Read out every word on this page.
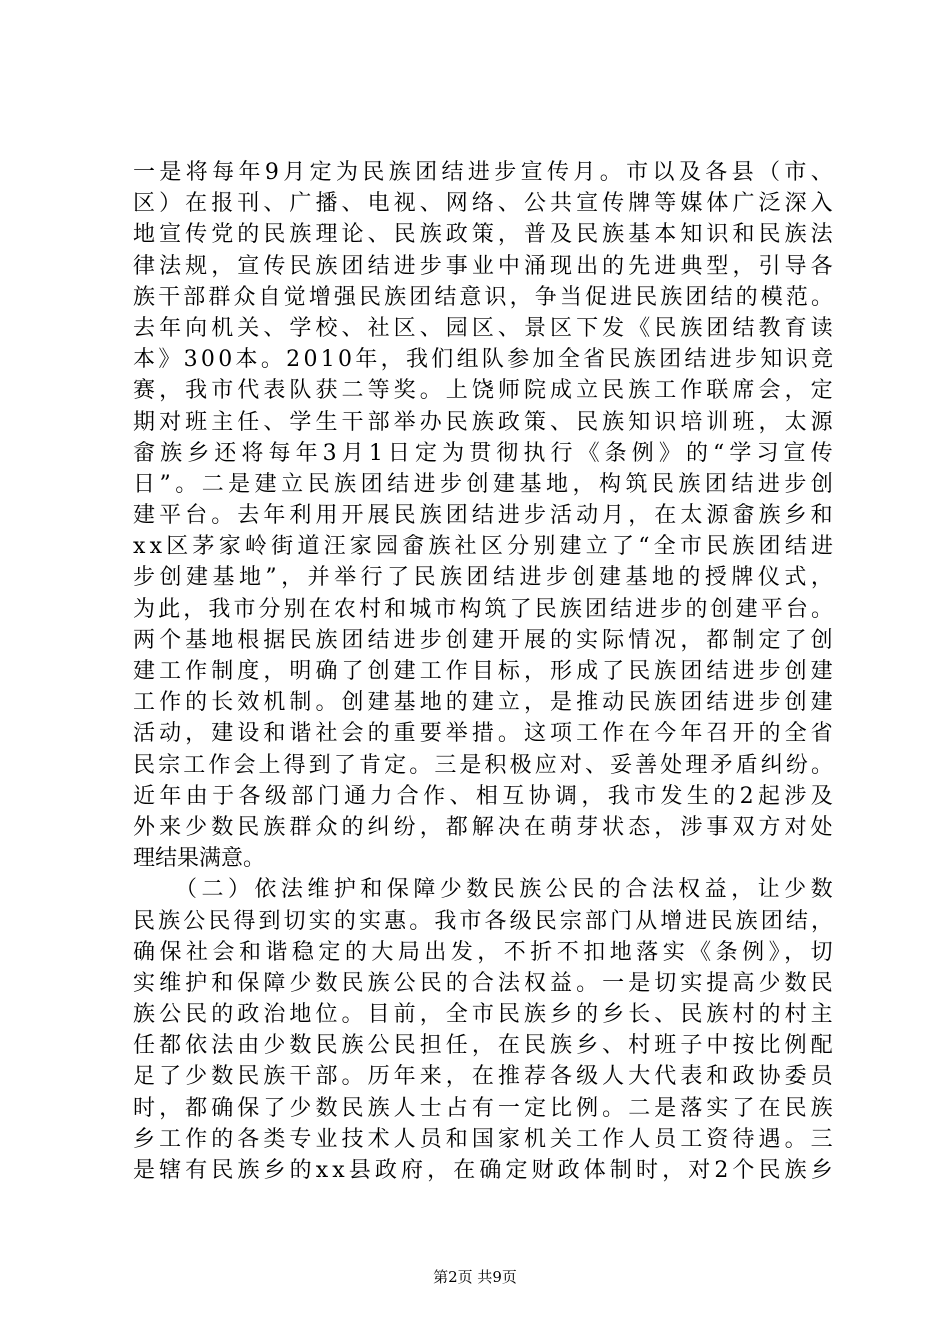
一 是 将 每 年 9 月 定 为 民 族 团 结 进 步 宣 传 月 。 市 以 及 各 县 （ 市 、
区 ） 在 报 刊 、 广 播 、 电 视 、 网 络 、 公 共 宣 传 牌 等 媒 体 广 泛 深 入
地 宣 传 党 的 民 族 理 论 、 民 族 政 策 ， 普 及 民 族 基 本 知 识 和 民 族 法
律 法 规 ， 宣 传 民 族 团 结 进 步 事 业 中 涌 现 出 的 先 进 典 型 ， 引 导 各
族 干 部 群 众 自 觉 增 强 民 族 团 结 意 识 ， 争 当 促 进 民 族 团 结 的 模 范 。
去 年 向 机 关 、 学 校 、 社 区 、 园 区 、 景 区 下 发 《 民 族 团 结 教 育 读
本 》 3 0 0 本 。 2 0 1 0 年 ， 我 们 组 队 参 加 全 省 民 族 团 结 进 步 知 识 竞
赛 ， 我 市 代 表 队 获 二 等 奖 。 上 饶 师 院 成 立 民 族 工 作 联 席 会 ， 定
期 对 班 主 任 、 学 生 干 部 举 办 民 族 政 策 、 民 族 知 识 培 训 班 ， 太 源
畲 族 乡 还 将 每 年 3 月 1 日 定 为 贯 彻 执 行 《 条 例 》 的 “ 学 习 宣 传
日 ” 。 二 是 建 立 民 族 团 结 进 步 创 建 基 地 ， 构 筑 民 族 团 结 进 步 创
建 平 台 。 去 年 利 用 开 展 民 族 团 结 进 步 活 动 月 ， 在 太 源 畲 族 乡 和
x x 区 茅 家 岭 街 道 汪 家 园 畲 族 社 区 分 别 建 立 了 “ 全 市 民 族 团 结 进
步 创 建 基 地 ” ， 并 举 行 了 民 族 团 结 进 步 创 建 基 地 的 授 牌 仪 式 ，
为 此 ， 我 市 分 别 在 农 村 和 城 市 构 筑 了 民 族 团 结 进 步 的 创 建 平 台 。
两 个 基 地 根 据 民 族 团 结 进 步 创 建 开 展 的 实 际 情 况 ， 都 制 定 了 创
建 工 作 制 度 ， 明 确 了 创 建 工 作 目 标 ， 形 成 了 民 族 团 结 进 步 创 建
工 作 的 长 效 机 制 。 创 建 基 地 的 建 立 ， 是 推 动 民 族 团 结 进 步 创 建
活 动 ， 建 设 和 谐 社 会 的 重 要 举 措 。 这 项 工 作 在 今 年 召 开 的 全 省
民 宗 工 作 会 上 得 到 了 肯 定 。 三 是 积 极 应 对 、 妥 善 处 理 矛 盾 纠 纷 。
近 年 由 于 各 级 部 门 通 力 合 作 、 相 互 协 调 ， 我 市 发 生 的 2 起 涉 及
外 来 少 数 民 族 群 众 的 纠 纷 ， 都 解 决 在 萌 芽 状 态 ， 涉 事 双 方 对 处
理结果满意。
　　（ 二 ） 依 法 维 护 和 保 障 少 数 民 族 公 民 的 合 法 权 益 ， 让 少 数
民 族 公 民 得 到 切 实 的 实 惠 。 我 市 各 级 民 宗 部 门 从 增 进 民 族 团 结 ，
确 保 社 会 和 谐 稳 定 的 大 局 出 发 ， 不 折 不 扣 地 落 实 《 条 例 》 ， 切
实 维 护 和 保 障 少 数 民 族 公 民 的 合 法 权 益 。 一 是 切 实 提 高 少 数 民
族 公 民 的 政 治 地 位 。 目 前 ， 全 市 民 族 乡 的 乡 长 、 民 族 村 的 村 主
任 都 依 法 由 少 数 民 族 公 民 担 任 ， 在 民 族 乡 、 村 班 子 中 按 比 例 配
足 了 少 数 民 族 干 部 。 历 年 来 ， 在 推 荐 各 级 人 大 代 表 和 政 协 委 员
时 ， 都 确 保 了 少 数 民 族 人 士 占 有 一 定 比 例 。 二 是 落 实 了 在 民 族
乡 工 作 的 各 类 专 业 技 术 人 员 和 国 家 机 关 工 作 人 员 工 资 待 遇 。 三
是 辖 有 民 族 乡 的 x x 县 政 府 ， 在 确 定 财 政 体 制 时 ， 对 2 个 民 族 乡
第2页 共9页
